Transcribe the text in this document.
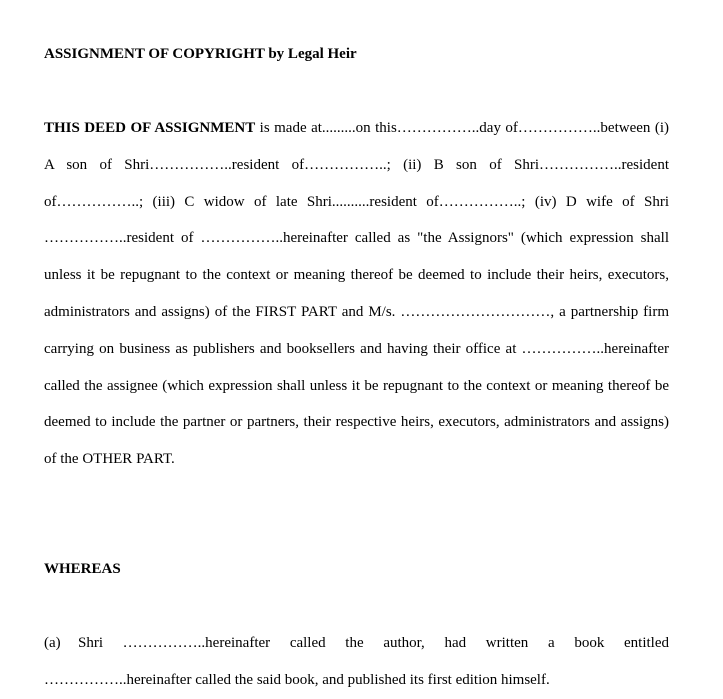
ASSIGNMENT OF COPYRIGHT by Legal Heir

THIS DEED OF ASSIGNMENT is made at.........on this……………..day of……………..between (i) A son of Shri……………..resident of……………..; (ii) B son of Shri……………..resident of……………..; (iii) C widow of late Shri..........resident of……………..; (iv) D wife of Shri ……………..resident of ……………..hereinafter called as "the Assignors" (which expression shall unless it be repugnant to the context or meaning thereof be deemed to include their heirs, executors, administrators and assigns) of the FIRST PART and M/s. …………………………, a partnership firm carrying on business as publishers and booksellers and having their office at ……………..hereinafter called the assignee (which expression shall unless it be repugnant to the context or meaning thereof be deemed to include the partner or partners, their respective heirs, executors, administrators and assigns) of the OTHER PART.

WHEREAS

(a) Shri ……………..hereinafter called the author, had written a book entitled ……………..hereinafter called the said book, and published its first edition himself.
